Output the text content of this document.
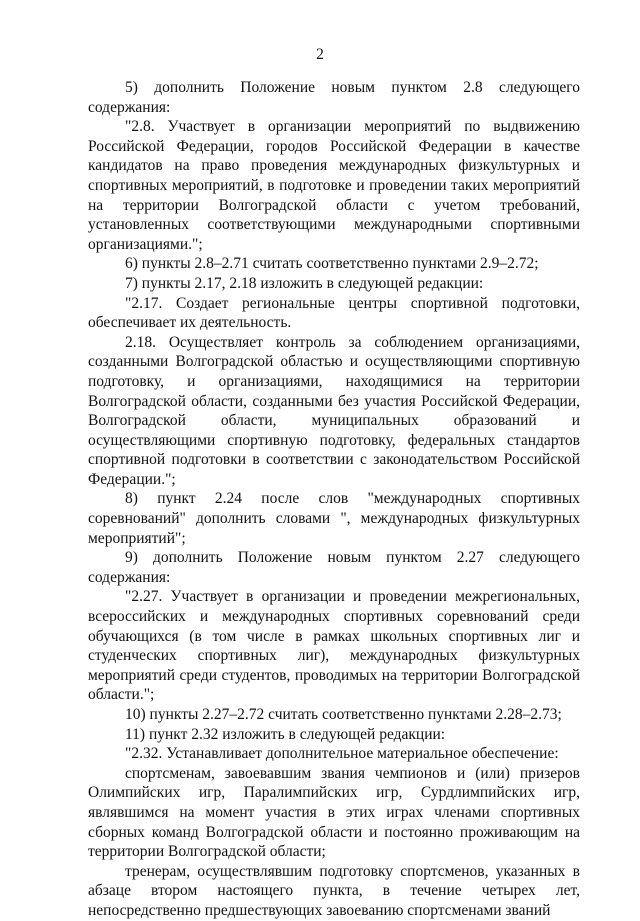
2

5) дополнить Положение новым пунктом 2.8 следующего содержания:

"2.8. Участвует в организации мероприятий по выдвижению Российской Федерации, городов Российской Федерации в качестве кандидатов на право проведения международных физкультурных и спортивных мероприятий, в подготовке и проведении таких мероприятий на территории Волгоградской области с учетом требований, установленных соответствующими международными спортивными организациями.";

6) пункты 2.8–2.71 считать соответственно пунктами 2.9–2.72;

7) пункты 2.17, 2.18 изложить в следующей редакции:

"2.17. Создает региональные центры спортивной подготовки, обеспечивает их деятельность.

2.18. Осуществляет контроль за соблюдением организациями, созданными Волгоградской областью и осуществляющими спортивную подготовку, и организациями, находящимися на территории Волгоградской области, созданными без участия Российской Федерации, Волгоградской области, муниципальных образований и осуществляющими спортивную подготовку, федеральных стандартов спортивной подготовки в соответствии с законодательством Российской Федерации.";

8) пункт 2.24 после слов "международных спортивных соревнований" дополнить словами ", международных физкультурных мероприятий";

9) дополнить Положение новым пунктом 2.27 следующего содержания:

"2.27. Участвует в организации и проведении межрегиональных, всероссийских и международных спортивных соревнований среди обучающихся (в том числе в рамках школьных спортивных лиг и студенческих спортивных лиг), международных физкультурных мероприятий среди студентов, проводимых на территории Волгоградской области.";

10) пункты 2.27–2.72 считать соответственно пунктами 2.28–2.73;

11) пункт 2.32 изложить в следующей редакции:

"2.32. Устанавливает дополнительное материальное обеспечение:

спортсменам, завоевавшим звания чемпионов и (или) призеров Олимпийских игр, Паралимпийских игр, Сурдлимпийских игр, являвшимся на момент участия в этих играх членами спортивных сборных команд Волгоградской области и постоянно проживающим на территории Волгоградской области;

тренерам, осуществлявшим подготовку спортсменов, указанных в абзаце втором настоящего пункта, в течение четырех лет, непосредственно предшествующих завоеванию спортсменами званий
